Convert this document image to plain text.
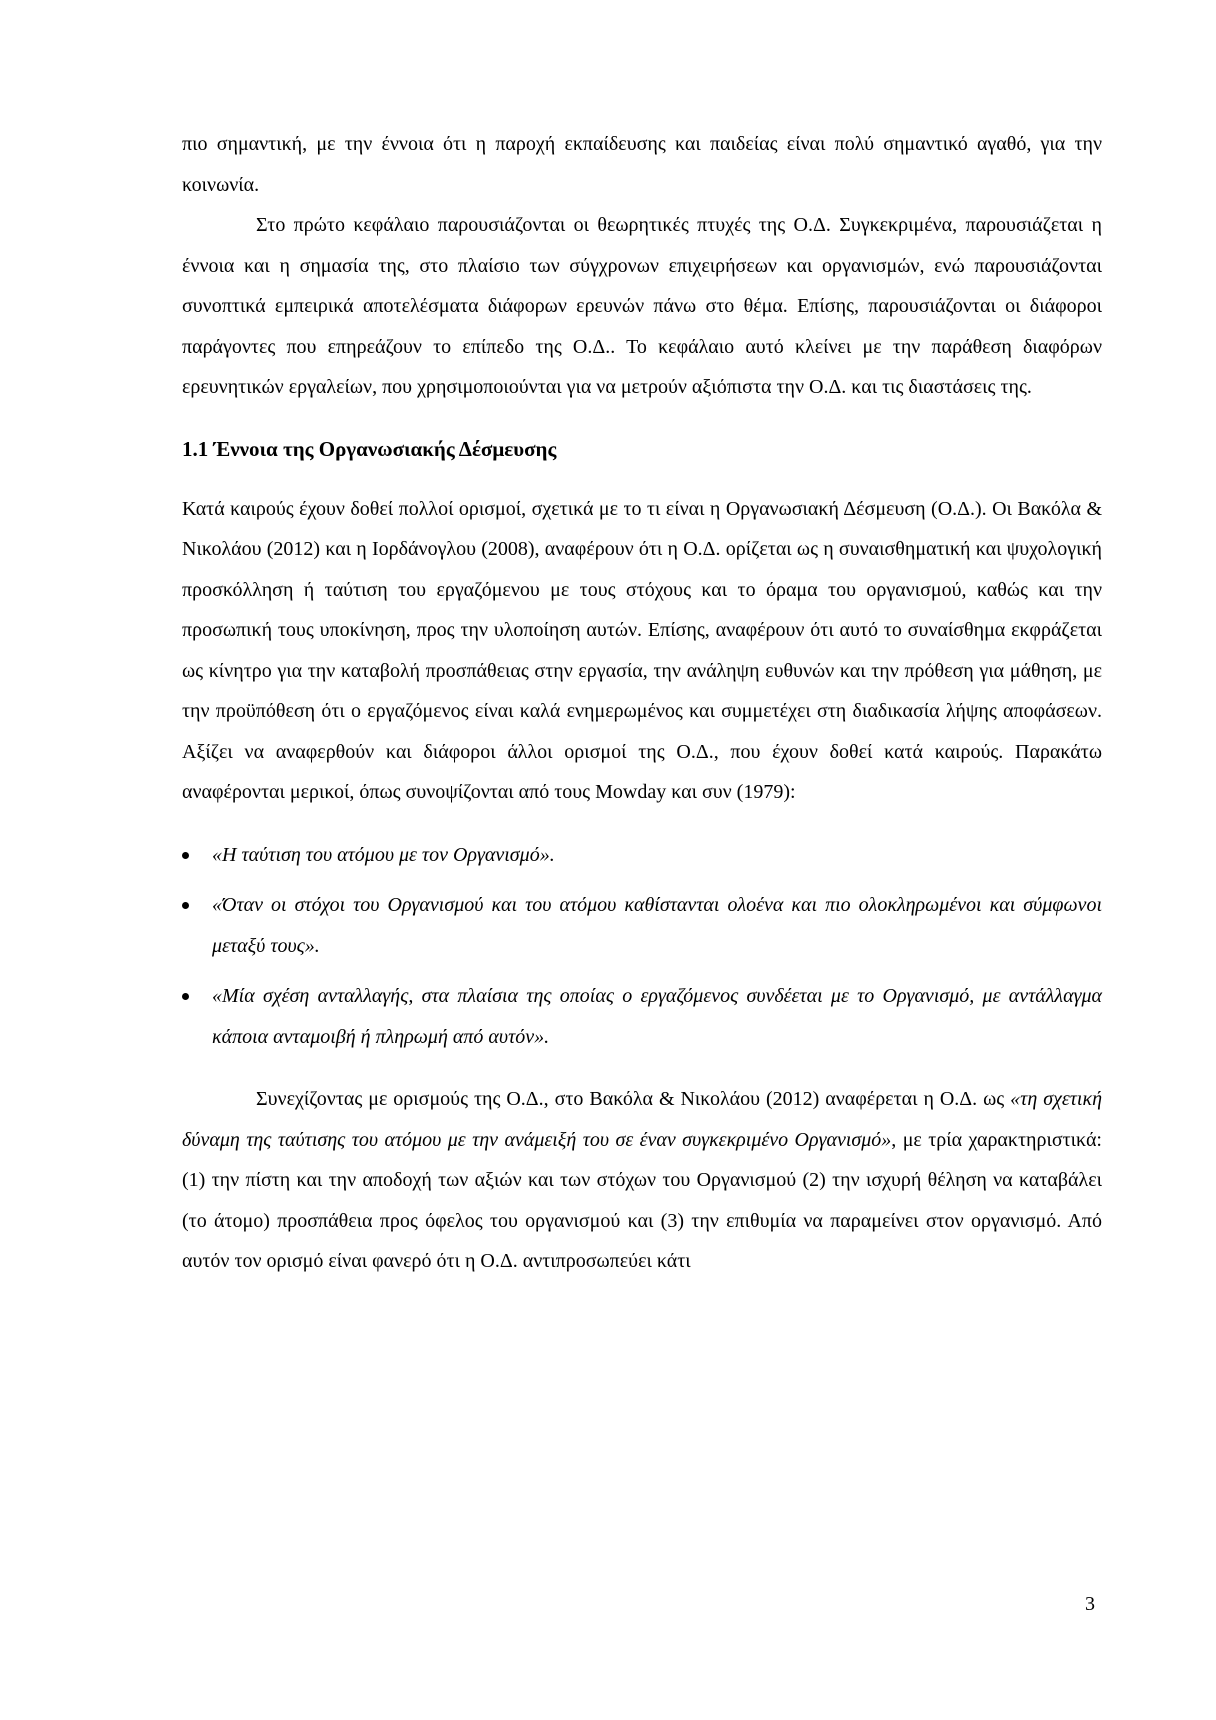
πιο σημαντική, με την έννοια ότι η παροχή εκπαίδευσης και παιδείας είναι πολύ σημαντικό αγαθό, για την κοινωνία.

Στο πρώτο κεφάλαιο παρουσιάζονται οι θεωρητικές πτυχές της Ο.Δ. Συγκεκριμένα, παρουσιάζεται η έννοια και η σημασία της, στο πλαίσιο των σύγχρονων επιχειρήσεων και οργανισμών, ενώ παρουσιάζονται συνοπτικά εμπειρικά αποτελέσματα διάφορων ερευνών πάνω στο θέμα. Επίσης, παρουσιάζονται οι διάφοροι παράγοντες που επηρεάζουν το επίπεδο της Ο.Δ.. Το κεφάλαιο αυτό κλείνει με την παράθεση διαφόρων ερευνητικών εργαλείων, που χρησιμοποιούνται για να μετρούν αξιόπιστα την Ο.Δ. και τις διαστάσεις της.

1.1 Έννοια της Οργανωσιακής Δέσμευσης

Κατά καιρούς έχουν δοθεί πολλοί ορισμοί, σχετικά με το τι είναι η Οργανωσιακή Δέσμευση (Ο.Δ.). Οι Βακόλα & Νικολάου (2012) και η Ιορδάνογλου (2008), αναφέρουν ότι η Ο.Δ. ορίζεται ως η συναισθηματική και ψυχολογική προσκόλληση ή ταύτιση του εργαζόμενου με τους στόχους και το όραμα του οργανισμού, καθώς και την προσωπική τους υποκίνηση, προς την υλοποίηση αυτών. Επίσης, αναφέρουν ότι αυτό το συναίσθημα εκφράζεται ως κίνητρο για την καταβολή προσπάθειας στην εργασία, την ανάληψη ευθυνών και την πρόθεση για μάθηση, με την προϋπόθεση ότι ο εργαζόμενος είναι καλά ενημερωμένος και συμμετέχει στη διαδικασία λήψης αποφάσεων. Αξίζει να αναφερθούν και διάφοροι άλλοι ορισμοί της Ο.Δ., που έχουν δοθεί κατά καιρούς. Παρακάτω αναφέρονται μερικοί, όπως συνοψίζονται από τους Mowday και συν (1979):

«Η ταύτιση του ατόμου με τον Οργανισμό».
«Όταν οι στόχοι του Οργανισμού και του ατόμου καθίστανται ολοένα και πιο ολοκληρωμένοι και σύμφωνοι μεταξύ τους».
«Μία σχέση ανταλλαγής, στα πλαίσια της οποίας ο εργαζόμενος συνδέεται με το Οργανισμό, με αντάλλαγμα κάποια ανταμοιβή ή πληρωμή από αυτόν».

Συνεχίζοντας με ορισμούς της Ο.Δ., στο Βακόλα & Νικολάου (2012) αναφέρεται η Ο.Δ. ως «τη σχετική δύναμη της ταύτισης του ατόμου με την ανάμειξή του σε έναν συγκεκριμένο Οργανισμό», με τρία χαρακτηριστικά: (1) την πίστη και την αποδοχή των αξιών και των στόχων του Οργανισμού (2) την ισχυρή θέληση να καταβάλει (το άτομο) προσπάθεια προς όφελος του οργανισμού και (3) την επιθυμία να παραμείνει στον οργανισμό. Από αυτόν τον ορισμό είναι φανερό ότι η Ο.Δ. αντιπροσωπεύει κάτι

3
